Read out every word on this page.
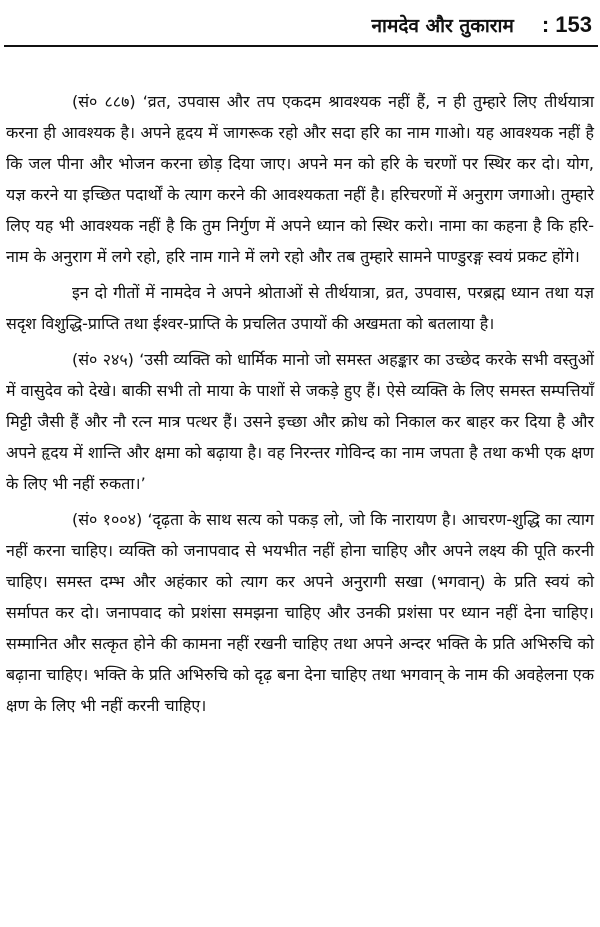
नामदेव और तुकाराम : 153

(सं० ८८७) ‘व्रत, उपवास और तप एकदम श्रावश्यक नहीं हैं, न ही तुम्हारे लिए तीर्थयात्रा करना ही आवश्यक है। अपने हृदय में जागरूक रहो और सदा हरि का नाम गाओ। यह आवश्यक नहीं है कि जल पीना और भोजन करना छोड़ दिया जाए। अपने मन को हरि के चरणों पर स्थिर कर दो। योग, यज्ञ करने या इच्छित पदार्थों के त्याग करने की आवश्यकता नहीं है। हरिचरणों में अनुराग जगाओ। तुम्हारे लिए यह भी आवश्यक नहीं है कि तुम निर्गुण में अपने ध्यान को स्थिर करो। नामा का कहना है कि हरि- नाम के अनुराग में लगे रहो, हरि नाम गाने में लगे रहो और तब तुम्हारे सामने पाण्डुरङ्ग स्वयं प्रकट होंगे।

इन दो गीतों में नामदेव ने अपने श्रोताओं से तीर्थयात्रा, व्रत, उपवास, परब्रह्म ध्यान तथा यज्ञ सदृश विशुद्धि-प्राप्ति तथा ईश्वर-प्राप्ति के प्रचलित उपायों की अखमता को बतलाया है।

(सं० २४५) ‘उसी व्यक्ति को धार्मिक मानो जो समस्त अहङ्कार का उच्छेद करके सभी वस्तुओं में वासुदेव को देखे। बाकी सभी तो माया के पाशों से जकड़े हुए हैं। ऐसे व्यक्ति के लिए समस्त सम्पत्तियाँ मिट्टी जैसी हैं और नौ रत्न मात्र पत्थर हैं। उसने इच्छा और क्रोध को निकाल कर बाहर कर दिया है और अपने हृदय में शान्ति और क्षमा को बढ़ाया है। वह निरन्तर गोविन्द का नाम जपता है तथा कभी एक क्षण के लिए भी नहीं रुकता।’

(सं० १००४) ‘दृढ़ता के साथ सत्य को पकड़ लो, जो कि नारायण है। आचरण-शुद्धि का त्याग नहीं करना चाहिए। व्यक्ति को जनापवाद से भयभीत नहीं होना चाहिए और अपने लक्ष्य की पूति करनी चाहिए। समस्त दम्भ और अहंकार को त्याग कर अपने अनुरागी सखा (भगवान्) के प्रति स्वयं को सर्मापत कर दो। जनापवाद को प्रशंसा समझना चाहिए और उनकी प्रशंसा पर ध्यान नहीं देना चाहिए। सम्मानित और सत्कृत होने की कामना नहीं रखनी चाहिए तथा अपने अन्दर भक्ति के प्रति अभिरुचि को बढ़ाना चाहिए। भक्ति के प्रति अभिरुचि को दृढ़ बना देना चाहिए तथा भगवान् के नाम की अवहेलना एक क्षण के लिए भी नहीं करनी चाहिए।
